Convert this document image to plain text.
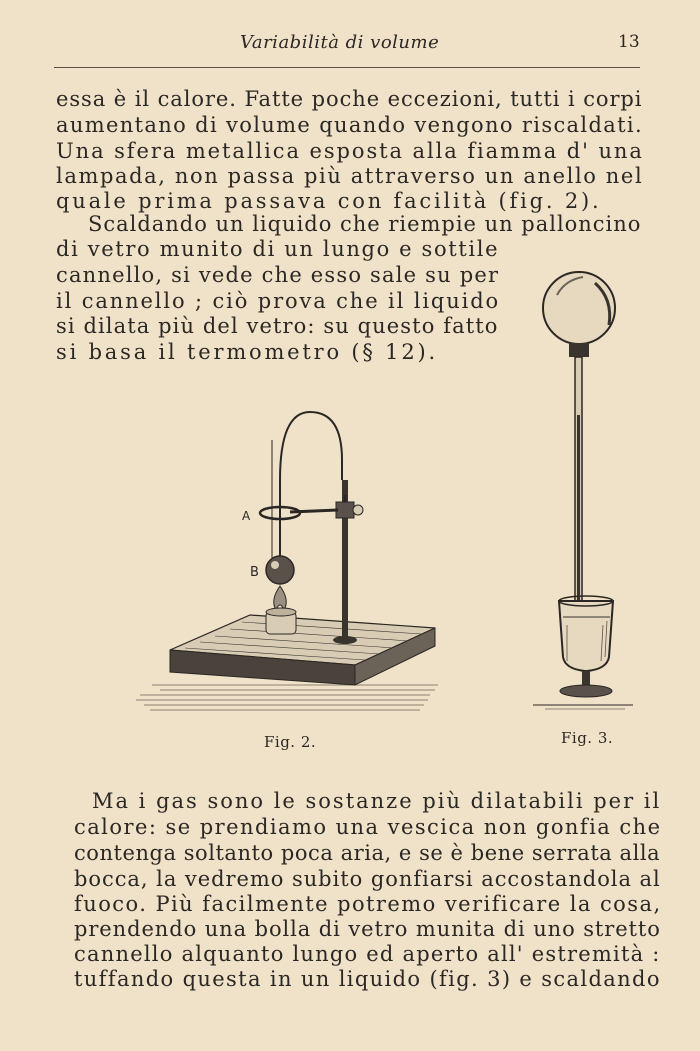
Variabilità di volume	13
essa è il calore. Fatte poche eccezioni, tutti i corpi
aumentano di volume quando vengono riscaldati.
Una sfera metallica esposta alla fiamma d' una
lampada, non passa più attraverso un anello nel
quale prima passava con facilità (fig. 2).
Scaldando un liquido che riempie un palloncino
di vetro munito di un lungo e sottile
cannello, si vede che esso sale su per
il cannello ; ciò prova che il liquido
si dilata più del vetro: su questo fatto
si basa il termometro (§ 12).
A
B
Fig. 2.	Fig. 3.
Ma i gas sono le sostanze più dilatabili per il
calore: se prendiamo una vescica non gonfia che
contenga soltanto poca aria, e se è bene serrata alla
bocca, la vedremo subito gonfiarsi accostandola al
fuoco. Più facilmente potremo verificare la cosa,
prendendo una bolla di vetro munita di uno stretto
cannello alquanto lungo ed aperto all' estremità :
tuffando questa in un liquido (fig. 3) e scaldando
